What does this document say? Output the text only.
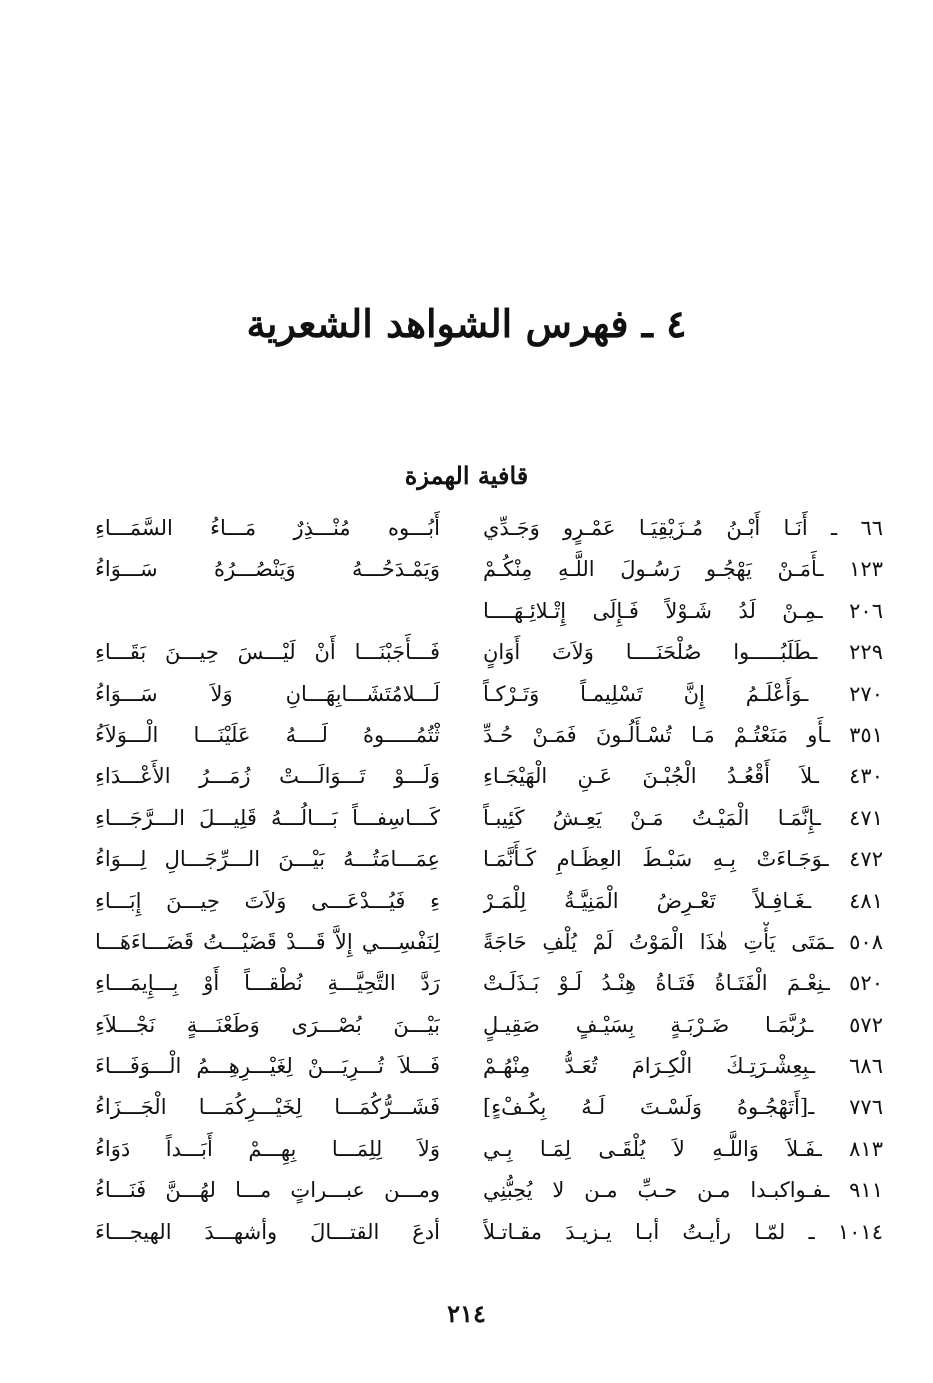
٤ ـ فهرس الشواهد الشعرية
قافية الهمزة
٦٦ ـ أَنَـا أَبْـنُ مُـزَيْقِيَـا عَمْـرٍو وَجَـدِّي
١٢٣ ـأَمَـنْ يَهْجُـو رَسُـولَ اللَّـهِ مِنْكُـمْ
٢٠٦ ـمِـنْ لَدُ شَـوْلاً فَـإِلَى إِتْـلائِـهَــــا
٢٢٩ ـطَلَبُـــــوا صُلْحَنَــــا وَلاَتَ أَوَانٍ
٢٧٠ ـوَأَعْلَـمُ إِنَّ تَسْلِيمـاً وَتَـرْكـاً
٣٥١ ـأَو مَنَعْتُـمْ مَـا تُسْـأَلُـونَ فَمَـنْ حُـدِّ
٤٣٠ ـلاَ أَقْعُـدُ الْجُبْـنَ عَـنِ الْهَيْجَـاءِ
٤٧١ ـإِنَّمَـا الْمَيْـتُ مَـنْ يَعِـشُ كَئِيبـاً
٤٧٢ ـوَجَـاءَتْ بِـهِ سَبْـطَ العِظَـامِ كَـأَنَّمَـا
٤٨١ ـغَـافِـلاً تَعْـرِضُ الْمَنِيَّـةُ لِلْمَـرْ
٥٠٨ ـمَتَى يَأْتِ هٰذَا الْمَوْتُ لَمْ يُلْفِ حَاجَةً
٥٢٠ ـنِعْـمَ الْفَتَـاةُ فَتَـاةُ هِنْـدُ لَـوْ بَـذَلَـتْ
٥٧٢ ـرُبَّمَـا ضَـرْبَـةٍ بِسَيْـفٍ صَقِيـلٍ
٦٨٦ ـبِعِشْـرَتِـكَ الْكِـرَامَ تُعَـدُّ مِنْهُـمْ
٧٧٦ ـ[أَتَهْجُـوهُ وَلَسْـتَ لَـهُ بِكُـفْءٍ]
٨١٣ ـفَـلاَ وَاللَّـهِ لاَ يُلْقَـى لِمَـا بِـي
٩١١ ـفـواكبـدا مـن حـبِّ مـن لا يُحِبُّنِي
١٠١٤ ـ لمّـا رأيـتُ أبـا يـزيـدَ مقـاتـلاً
أَبُـــوه مُنْـــذِرٌ مَـــاءُ السَّمَـــاءِ
وَيَمْـدَحُـــهُ وَيَنْصُـــرُهُ سَـــوَاءُ
فَـــأَجَبْنَـــا أَنْ لَيْـــسَ حِيـــنَ بَقَـــاءِ
لَـــلامُتَشَـــابِهَـــانِ وَلاَ سَـــوَاءُ
ثْتُمُـــــوهُ لَــــهُ عَلَيْنَـــا الْـــوَلاَءُ
وَلَـــوْ تَـــوَالَـــتْ زُمَـــرُ الأَعْـــدَاءِ
كَـــاسِفـــاً بَـــالُـــهُ قَلِيـــلَ الـــرَّجَـــاءِ
عِمَـــامَتُـــهُ بَيْـــنَ الـــرِّجَـــالِ لِـــوَاءُ
ءِ فَيُـــدْعَـــى وَلاَتَ حِيـــنَ إِبَـــاءِ
لِنَفْسِـــي إِلاَّ قَـــدْ قَضَيْـــتُ قَضَـــاءَهَـــا
رَدَّ التَّحِيَّـــةِ نُطْقـــاً أَوْ بِـــإِيمَـــاءِ
بَيْـــنَ بُصْـــرَى وَطَعْنَـــةٍ نَجْـــلاَءِ
فَـــلاَ تُـــرِيَـــنْ لِغَيْـــرِهِـــمُ الْـــوَفَـــاءَ
فَشَـــرُّكُمَـــا لِخَيْـــرِكُمَـــا الْجَـــزَاءُ
وَلاَ لِلِمَـــا بِهِـــمْ أَبَـــداً دَوَاءُ
ومـــن عبـــراتٍ مـــا لهُـــنَّ فَنَـــاءُ
أدعَ القتـــالَ وأشهـــدَ الهيجـــاءَ
٢١٤
